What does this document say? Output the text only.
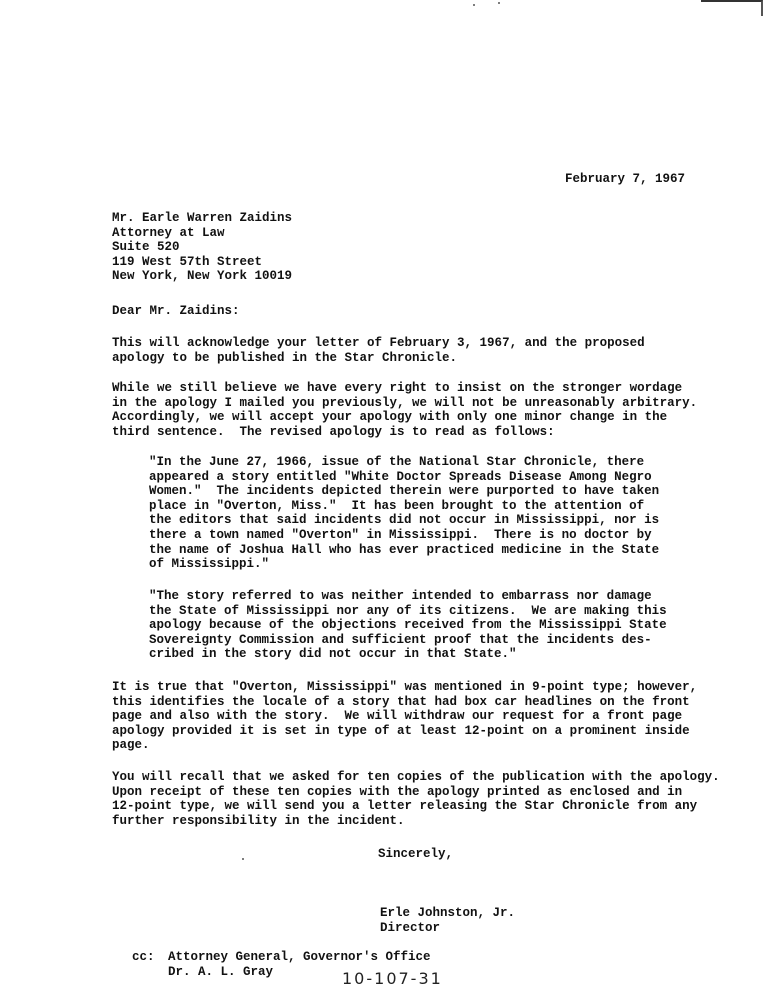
February 7, 1967
Mr. Earle Warren Zaidins
Attorney at Law
Suite 520
119 West 57th Street
New York, New York 10019
Dear Mr. Zaidins:
This will acknowledge your letter of February 3, 1967, and the proposed
apology to be published in the Star Chronicle.
While we still believe we have every right to insist on the stronger wordage
in the apology I mailed you previously, we will not be unreasonably arbitrary.
Accordingly, we will accept your apology with only one minor change in the
third sentence.  The revised apology is to read as follows:
"In the June 27, 1966, issue of the National Star Chronicle, there
appeared a story entitled "White Doctor Spreads Disease Among Negro
Women."  The incidents depicted therein were purported to have taken
place in "Overton, Miss."  It has been brought to the attention of
the editors that said incidents did not occur in Mississippi, nor is
there a town named "Overton" in Mississippi.  There is no doctor by
the name of Joshua Hall who has ever practiced medicine in the State
of Mississippi."
"The story referred to was neither intended to embarrass nor damage
the State of Mississippi nor any of its citizens.  We are making this
apology because of the objections received from the Mississippi State
Sovereignty Commission and sufficient proof that the incidents des-
cribed in the story did not occur in that State."
It is true that "Overton, Mississippi" was mentioned in 9-point type; however,
this identifies the locale of a story that had box car headlines on the front
page and also with the story.  We will withdraw our request for a front page
apology provided it is set in type of at least 12-point on a prominent inside
page.
You will recall that we asked for ten copies of the publication with the apology.
Upon receipt of these ten copies with the apology printed as enclosed and in
12-point type, we will send you a letter releasing the Star Chronicle from any
further responsibility in the incident.
Sincerely,
Erle Johnston, Jr.
Director
cc: Attorney General, Governor's Office
Dr. A. L. Gray	10-107-31
